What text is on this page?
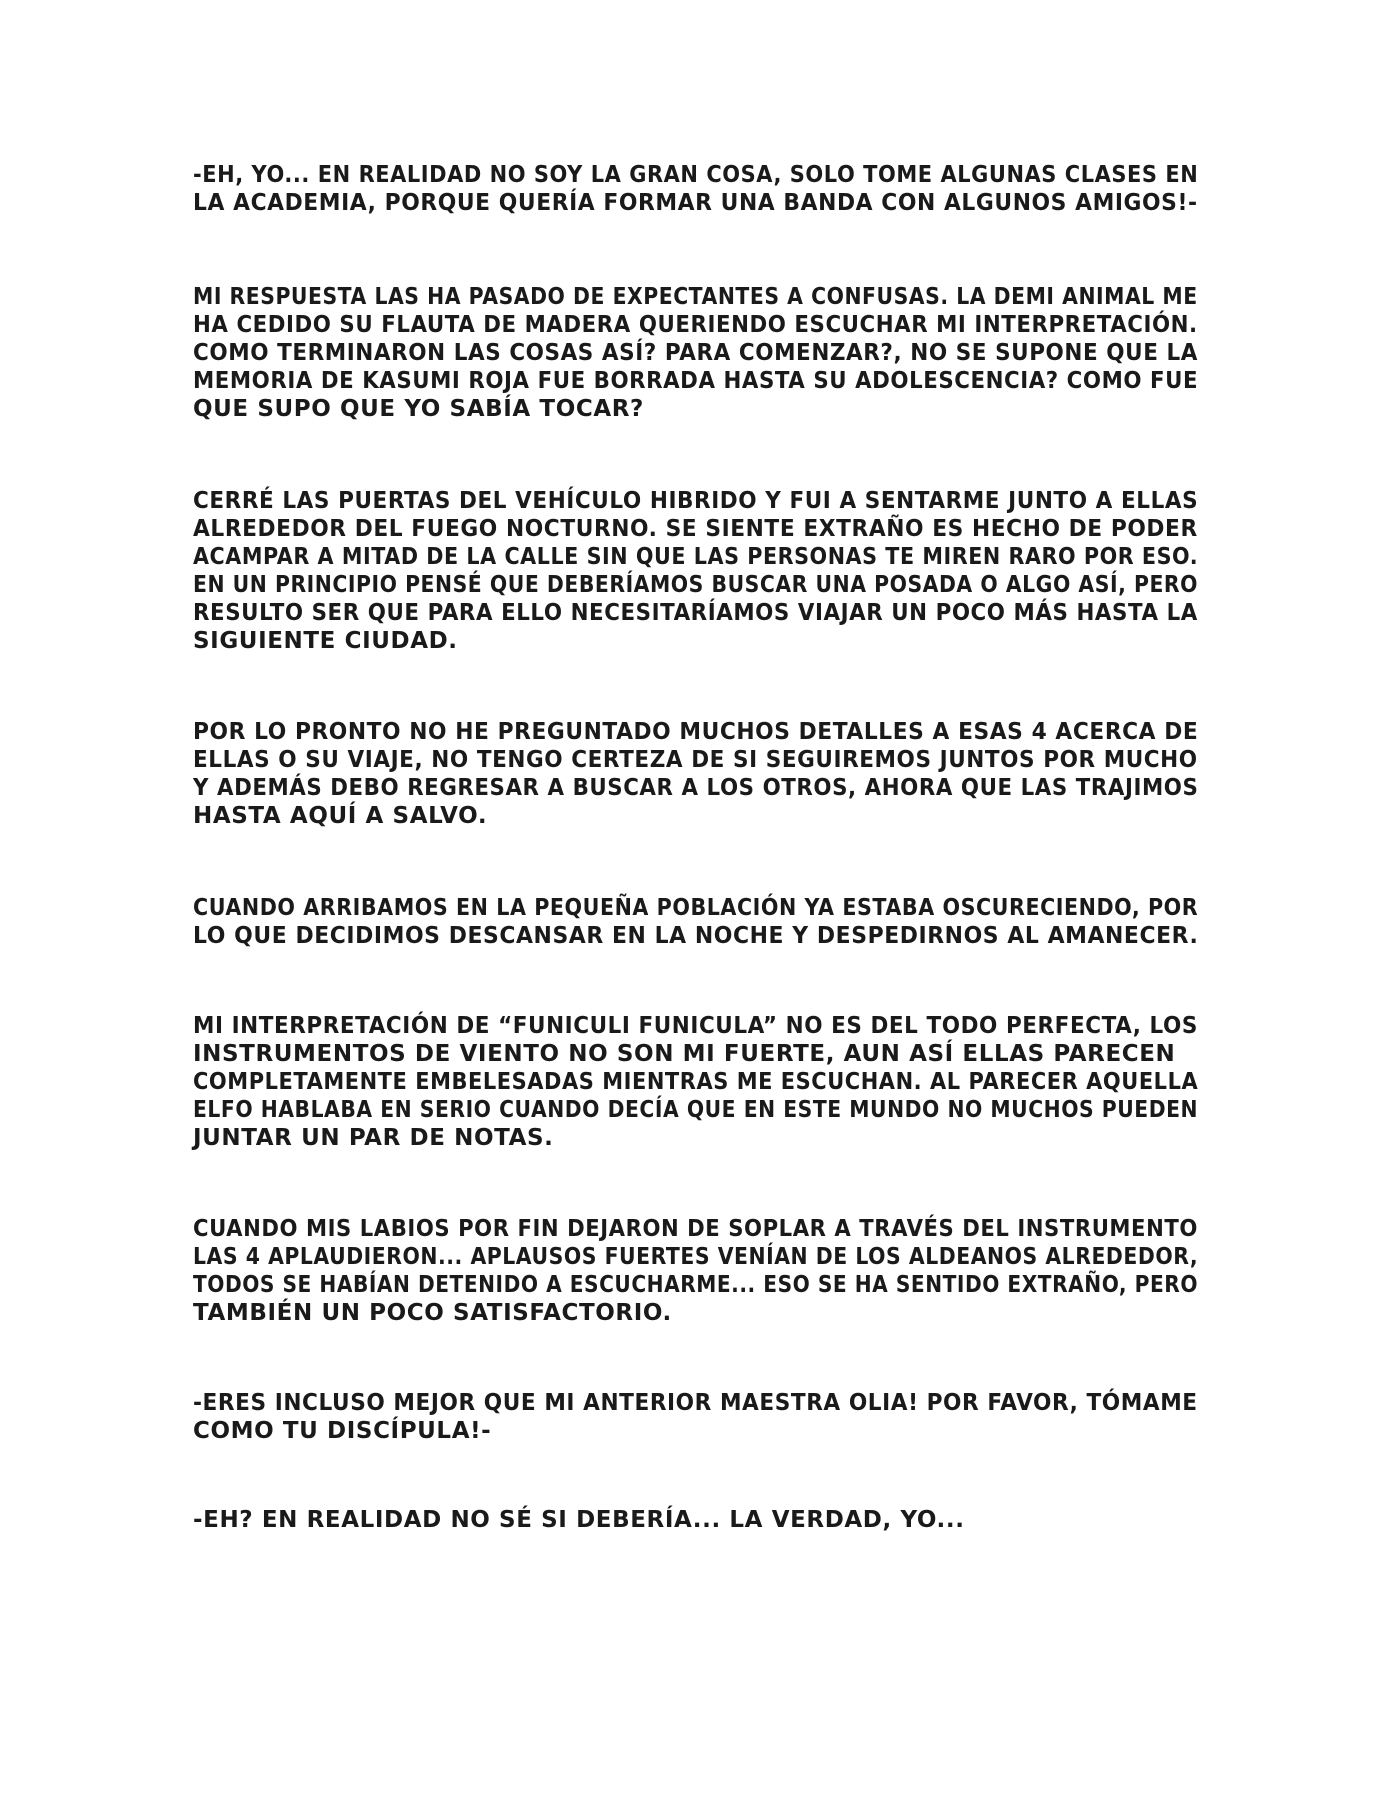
-EH, YO... EN REALIDAD NO SOY LA GRAN COSA, SOLO TOME ALGUNAS CLASES EN
LA ACADEMIA, PORQUE QUERÍA FORMAR UNA BANDA CON ALGUNOS AMIGOS!-

MI RESPUESTA LAS HA PASADO DE EXPECTANTES A CONFUSAS. LA DEMI ANIMAL ME
HA CEDIDO SU FLAUTA DE MADERA QUERIENDO ESCUCHAR MI INTERPRETACIÓN.
COMO TERMINARON LAS COSAS ASÍ? PARA COMENZAR?, NO SE SUPONE QUE LA
MEMORIA DE KASUMI ROJA FUE BORRADA HASTA SU ADOLESCENCIA? COMO FUE
QUE SUPO QUE YO SABÍA TOCAR?

CERRÉ LAS PUERTAS DEL VEHÍCULO HIBRIDO Y FUI A SENTARME JUNTO A ELLAS
ALREDEDOR DEL FUEGO NOCTURNO. SE SIENTE EXTRAÑO ES HECHO DE PODER
ACAMPAR A MITAD DE LA CALLE SIN QUE LAS PERSONAS TE MIREN RARO POR ESO.
EN UN PRINCIPIO PENSÉ QUE DEBERÍAMOS BUSCAR UNA POSADA O ALGO ASÍ, PERO
RESULTO SER QUE PARA ELLO NECESITARÍAMOS VIAJAR UN POCO MÁS HASTA LA
SIGUIENTE CIUDAD.

POR LO PRONTO NO HE PREGUNTADO MUCHOS DETALLES A ESAS 4 ACERCA DE
ELLAS O SU VIAJE, NO TENGO CERTEZA DE SI SEGUIREMOS JUNTOS POR MUCHO
Y ADEMÁS DEBO REGRESAR A BUSCAR A LOS OTROS, AHORA QUE LAS TRAJIMOS
HASTA AQUÍ A SALVO.

CUANDO ARRIBAMOS EN LA PEQUEÑA POBLACIÓN YA ESTABA OSCURECIENDO, POR
LO QUE DECIDIMOS DESCANSAR EN LA NOCHE Y DESPEDIRNOS AL AMANECER.

MI INTERPRETACIÓN DE “FUNICULI FUNICULA” NO ES DEL TODO PERFECTA, LOS
INSTRUMENTOS DE VIENTO NO SON MI FUERTE, AUN ASÍ ELLAS PARECEN
COMPLETAMENTE EMBELESADAS MIENTRAS ME ESCUCHAN. AL PARECER AQUELLA
ELFO HABLABA EN SERIO CUANDO DECÍA QUE EN ESTE MUNDO NO MUCHOS PUEDEN
JUNTAR UN PAR DE NOTAS.

CUANDO MIS LABIOS POR FIN DEJARON DE SOPLAR A TRAVÉS DEL INSTRUMENTO
LAS 4 APLAUDIERON... APLAUSOS FUERTES VENÍAN DE LOS ALDEANOS ALREDEDOR,
TODOS SE HABÍAN DETENIDO A ESCUCHARME... ESO SE HA SENTIDO EXTRAÑO, PERO
TAMBIÉN UN POCO SATISFACTORIO.

-ERES INCLUSO MEJOR QUE MI ANTERIOR MAESTRA OLIA! POR FAVOR, TÓMAME
COMO TU DISCÍPULA!-

-EH? EN REALIDAD NO SÉ SI DEBERÍA... LA VERDAD, YO...
